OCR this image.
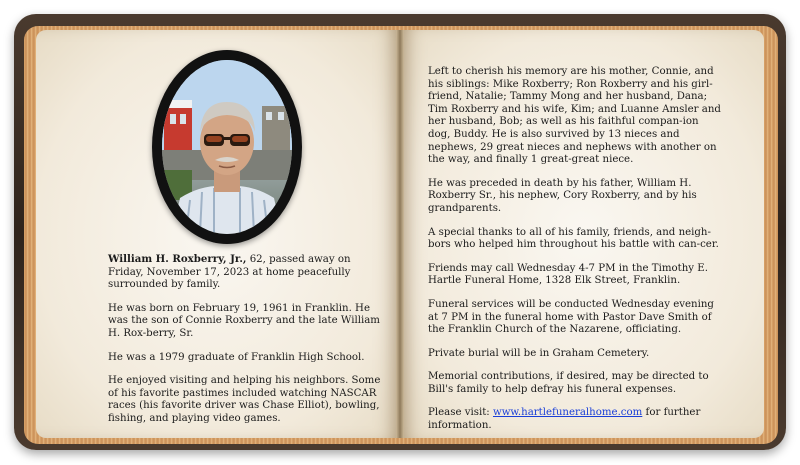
William H. Roxberry, Jr., 62, passed away on Friday, November 17, 2023 at home peacefully surrounded by family.

He was born on February 19, 1961 in Franklin. He was the son of Connie Roxberry and the late William H. Rox-berry, Sr.

He was a 1979 graduate of Franklin High School.

He enjoyed visiting and helping his neighbors. Some of his favorite pastimes included watching NASCAR races (his favorite driver was Chase Elliot), bowling, fishing, and playing video games.

Left to cherish his memory are his mother, Connie, and his siblings: Mike Roxberry; Ron Roxberry and his girl-friend, Natalie; Tammy Mong and her husband, Dana; Tim Roxberry and his wife, Kim; and Luanne Amsler and her husband, Bob; as well as his faithful compan-ion dog, Buddy. He is also survived by 13 nieces and nephews, 29 great nieces and nephews with another on the way, and finally 1 great-great niece.

He was preceded in death by his father, William H. Roxberry Sr., his nephew, Cory Roxberry, and by his grandparents.

A special thanks to all of his family, friends, and neigh-bors who helped him throughout his battle with can-cer.

Friends may call Wednesday 4-7 PM in the Timothy E. Hartle Funeral Home, 1328 Elk Street, Franklin.

Funeral services will be conducted Wednesday evening at 7 PM in the funeral home with Pastor Dave Smith of the Franklin Church of the Nazarene, officiating.

Private burial will be in Graham Cemetery.

Memorial contributions, if desired, may be directed to Bill's family to help defray his funeral expenses.

Please visit: www.hartlefuneralhome.com for further information.
